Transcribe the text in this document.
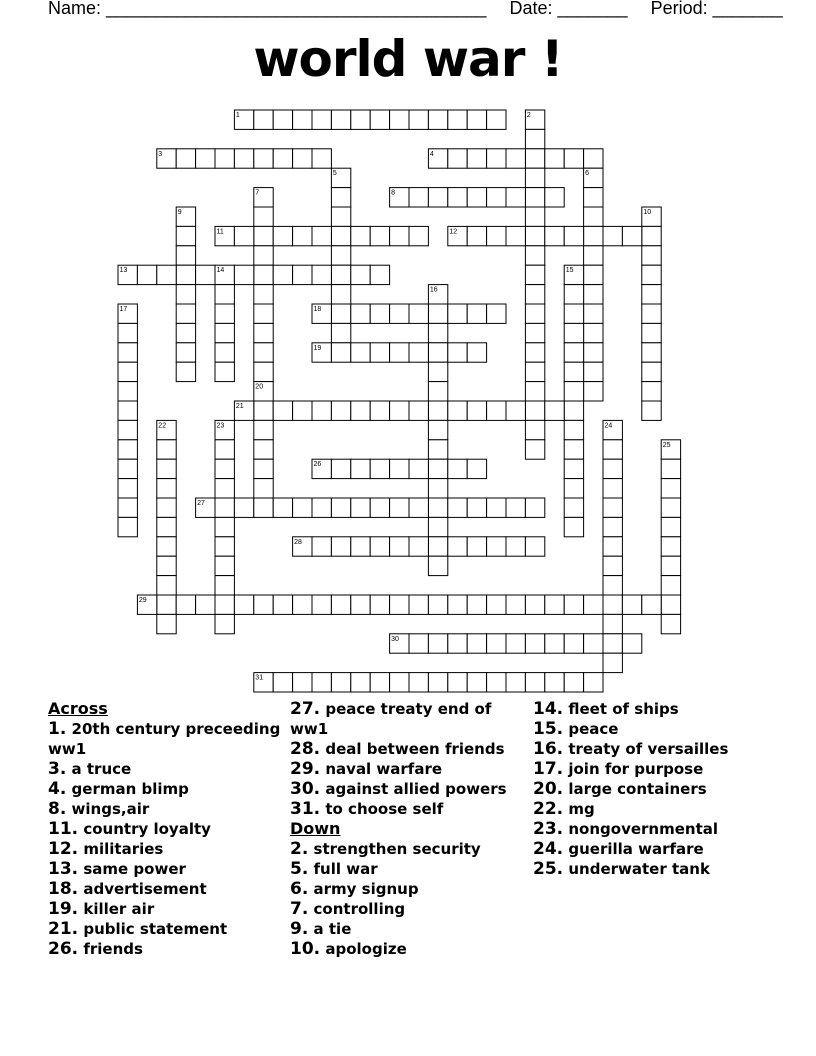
Name: ______________________________________ Date: _______ Period: _______
world war !
1	2
3	4
5	6
7	8
9	10
11	12
13	14	15
16
17	18
19
20
21
22	23	24
25
26
27
28
29
30
31
Across
1. 20th century preceeding ww1
3. a truce
4. german blimp
8. wings,air
11. country loyalty
12. militaries
13. same power
18. advertisement
19. killer air
21. public statement
26. friends
27. peace treaty end of ww1
28. deal between friends
29. naval warfare
30. against allied powers
31. to choose self
Down
2. strengthen security
5. full war
6. army signup
7. controlling
9. a tie
10. apologize
14. fleet of ships
15. peace
16. treaty of versailles
17. join for purpose
20. large containers
22. mg
23. nongovernmental
24. guerilla warfare
25. underwater tank
